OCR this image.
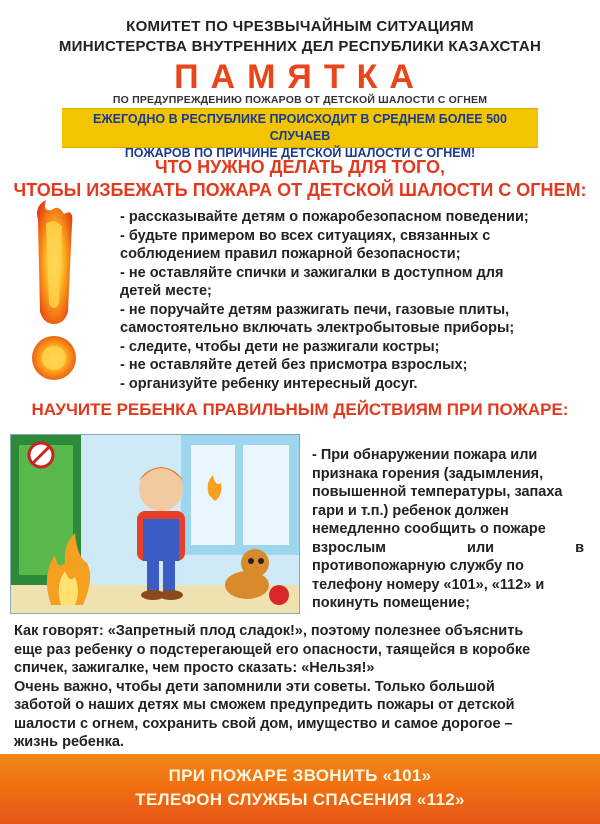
КОМИТЕТ ПО ЧРЕЗВЫЧАЙНЫМ СИТУАЦИЯМ
МИНИСТЕРСТВА ВНУТРЕННИХ ДЕЛ РЕСПУБЛИКИ КАЗАХСТАН
ПАМЯТКА
ПО ПРЕДУПРЕЖДЕНИЮ ПОЖАРОВ ОТ ДЕТСКОЙ ШАЛОСТИ С ОГНЕМ
ЕЖЕГОДНО В РЕСПУБЛИКЕ ПРОИСХОДИТ В СРЕДНЕМ БОЛЕЕ 500 СЛУЧАЕВ
ПОЖАРОВ ПО ПРИЧИНЕ ДЕТСКОЙ ШАЛОСТИ С ОГНЕМ!
ЧТО НУЖНО ДЕЛАТЬ ДЛЯ ТОГО,
ЧТОБЫ ИЗБЕЖАТЬ ПОЖАРА ОТ ДЕТСКОЙ ШАЛОСТИ С ОГНЕМ:
- рассказывайте детям о пожаробезопасном поведении;
- будьте примером во всех ситуациях, связанных с
соблюдением правил пожарной безопасности;
- не оставляйте спички и зажигалки в доступном для
детей месте;
- не поручайте детям разжигать печи, газовые плиты,
самостоятельно включать электробытовые приборы;
- следите, чтобы дети не разжигали костры;
- не оставляйте детей без присмотра взрослых;
- организуйте ребенку интересный досуг.
НАУЧИТЕ РЕБЕНКА ПРАВИЛЬНЫМ ДЕЙСТВИЯМ ПРИ ПОЖАРЕ:
- При обнаружении пожара или
признака горения (задымления,
повышенной температуры, запаха
гари и т.п.) ребенок должен
немедленно сообщить о пожаре
взрослым или в
противопожарную службу по
телефону номеру «101», «112» и
покинуть помещение;
Как говорят: «Запретный плод сладок!», поэтому полезнее объяснить
еще раз ребенку о подстерегающей его опасности, таящейся в коробке
спичек, зажигалке, чем просто сказать: «Нельзя!»
Очень важно, чтобы дети запомнили эти советы. Только большой
заботой о наших детях мы сможем предупредить пожары от детской
шалости с огнем, сохранить свой дом, имущество и самое дорогое –
жизнь ребенка.
ПРИ ПОЖАРЕ ЗВОНИТЬ «101»
ТЕЛЕФОН СЛУЖБЫ СПАСЕНИЯ «112»
